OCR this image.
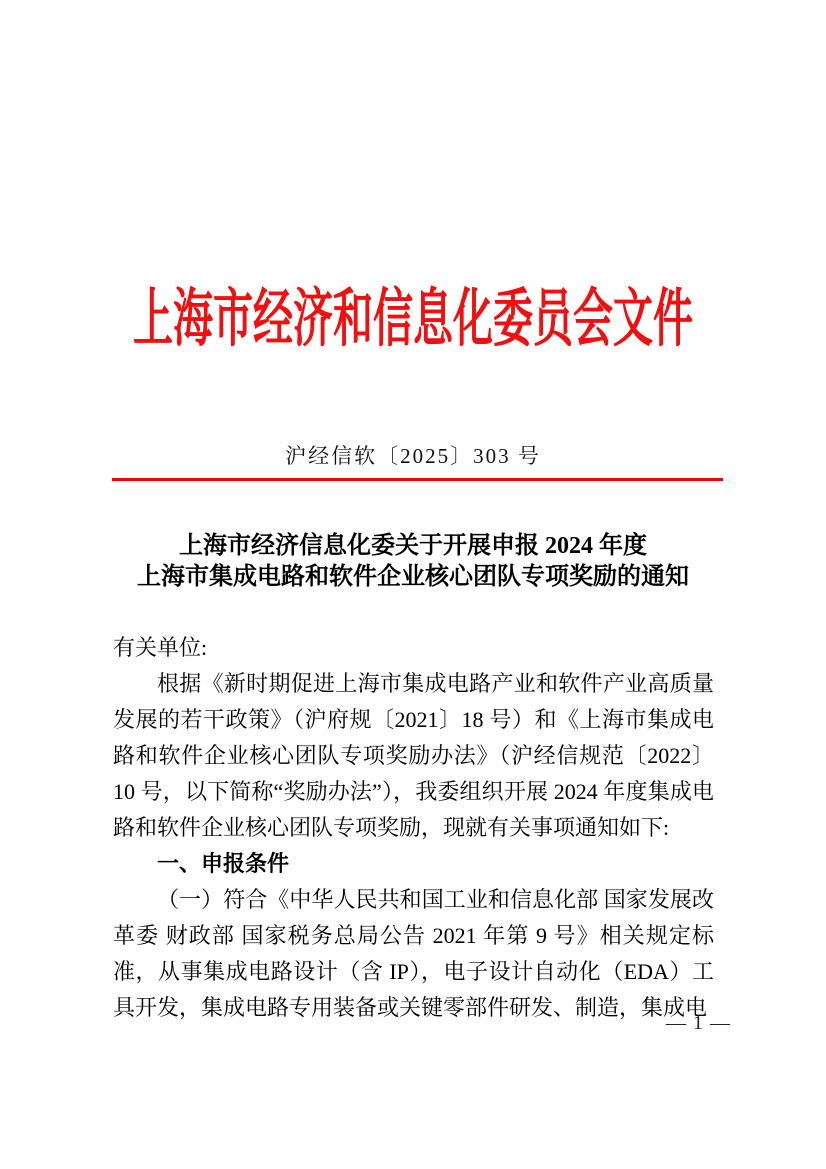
上海市经济和信息化委员会文件
沪经信软〔2025〕303 号
上海市经济信息化委关于开展申报 2024 年度
上海市集成电路和软件企业核心团队专项奖励的通知

有关单位:

根据《新时期促进上海市集成电路产业和软件产业高质量发展的若干政策》（沪府规〔2021〕18 号）和《上海市集成电路和软件企业核心团队专项奖励办法》（沪经信规范〔2022〕10 号，以下简称“奖励办法”），我委组织开展 2024 年度集成电路和软件企业核心团队专项奖励，现就有关事项通知如下:

一、申报条件

（一）符合《中华人民共和国工业和信息化部 国家发展改革委 财政部 国家税务总局公告 2021 年第 9 号》相关规定标准，从事集成电路设计（含 IP），电子设计自动化（EDA）工具开发，集成电路专用装备或关键零部件研发、制造，集成电

— 1 —
